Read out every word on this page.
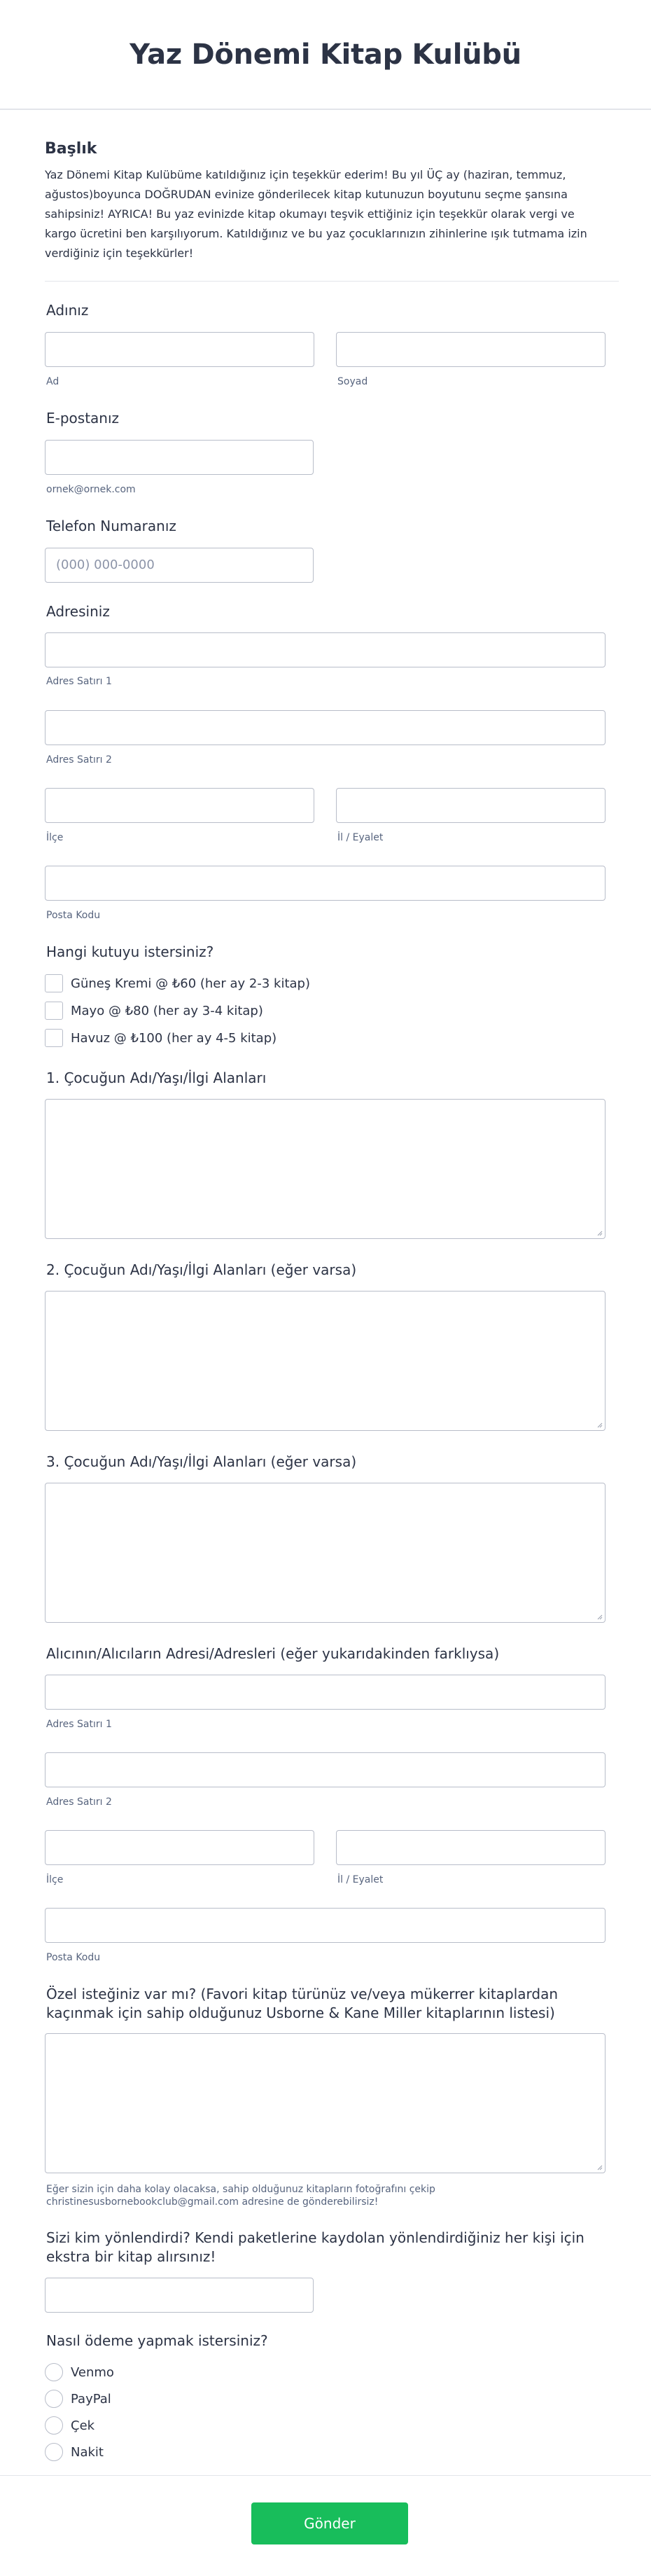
Yaz Dönemi Kitap Kulübü
Başlık
Yaz Dönemi Kitap Kulübüme katıldığınız için teşekkür ederim! Bu yıl ÜÇ ay (haziran, temmuz, ağustos)boyunca DOĞRUDAN evinize gönderilecek kitap kutunuzun boyutunu seçme şansına sahipsiniz! AYRICA! Bu yaz evinizde kitap okumayı teşvik ettiğiniz için teşekkür olarak vergi ve kargo ücretini ben karşılıyorum. Katıldığınız ve bu yaz çocuklarınızın zihinlerine ışık tutmama izin verdiğiniz için teşekkürler!
Adınız
Ad	Soyad
E-postanız
ornek@ornek.com
Telefon Numaranız
(000) 000-0000
Adresiniz
Adres Satırı 1
Adres Satırı 2
İlçe	İl / Eyalet
Posta Kodu
Hangi kutuyu istersiniz?
Güneş Kremi @ ₺60 (her ay 2-3 kitap)
Mayo @ ₺80 (her ay 3-4 kitap)
Havuz @ ₺100 (her ay 4-5 kitap)
1. Çocuğun Adı/Yaşı/İlgi Alanları
2. Çocuğun Adı/Yaşı/İlgi Alanları (eğer varsa)
3. Çocuğun Adı/Yaşı/İlgi Alanları (eğer varsa)
Alıcının/Alıcıların Adresi/Adresleri (eğer yukarıdakinden farklıysa)
Adres Satırı 1
Adres Satırı 2
İlçe	İl / Eyalet
Posta Kodu
Özel isteğiniz var mı? (Favori kitap türünüz ve/veya mükerrer kitaplardan kaçınmak için sahip olduğunuz Usborne & Kane Miller kitaplarının listesi)
Eğer sizin için daha kolay olacaksa, sahip olduğunuz kitapların fotoğrafını çekip christinesusbornebookclub@gmail.com adresine de gönderebilirsiz!
Sizi kim yönlendirdi? Kendi paketlerine kaydolan yönlendirdiğiniz her kişi için ekstra bir kitap alırsınız!
Nasıl ödeme yapmak istersiniz?
Venmo
PayPal
Çek
Nakit
Gönder
